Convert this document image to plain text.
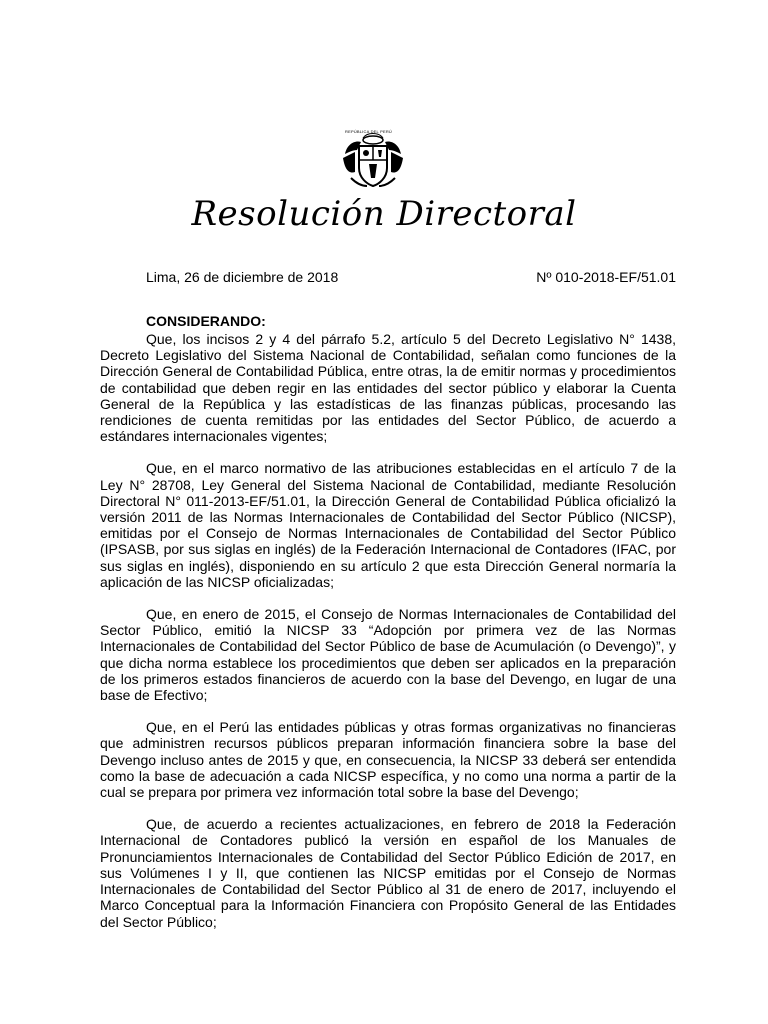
REPÚBLICA DEL PERÚ
Resolución Directoral
Lima, 26 de diciembre de 2018	Nº 010-2018-EF/51.01
CONSIDERANDO:

Que, los incisos 2 y 4 del párrafo 5.2, artículo 5 del Decreto Legislativo N° 1438, Decreto Legislativo del Sistema Nacional de Contabilidad, señalan como funciones de la Dirección General de Contabilidad Pública, entre otras, la de emitir normas y procedimientos de contabilidad que deben regir en las entidades del sector público y elaborar la Cuenta General de la República y las estadísticas de las finanzas públicas, procesando las rendiciones de cuenta remitidas por las entidades del Sector Público, de acuerdo a estándares internacionales vigentes;

Que, en el marco normativo de las atribuciones establecidas en el artículo 7 de la Ley N° 28708, Ley General del Sistema Nacional de Contabilidad, mediante Resolución Directoral N° 011-2013-EF/51.01, la Dirección General de Contabilidad Pública oficializó la versión 2011 de las Normas Internacionales de Contabilidad del Sector Público (NICSP), emitidas por el Consejo de Normas Internacionales de Contabilidad del Sector Público (IPSASB, por sus siglas en inglés) de la Federación Internacional de Contadores (IFAC, por sus siglas en inglés), disponiendo en su artículo 2 que esta Dirección General normaría la aplicación de las NICSP oficializadas;

Que, en enero de 2015, el Consejo de Normas Internacionales de Contabilidad del Sector Público, emitió la NICSP 33 “Adopción por primera vez de las Normas Internacionales de Contabilidad del Sector Público de base de Acumulación (o Devengo)”, y que dicha norma establece los procedimientos que deben ser aplicados en la preparación de los primeros estados financieros de acuerdo con la base del Devengo, en lugar de una base de Efectivo;

Que, en el Perú las entidades públicas y otras formas organizativas no financieras que administren recursos públicos preparan información financiera sobre la base del Devengo incluso antes de 2015 y que, en consecuencia, la NICSP 33 deberá ser entendida como la base de adecuación a cada NICSP específica, y no como una norma a partir de la cual se prepara por primera vez información total sobre la base del Devengo;

Que, de acuerdo a recientes actualizaciones, en febrero de 2018 la Federación Internacional de Contadores publicó la versión en español de los Manuales de Pronunciamientos Internacionales de Contabilidad del Sector Público Edición de 2017, en sus Volúmenes I y II, que contienen las NICSP emitidas por el Consejo de Normas Internacionales de Contabilidad del Sector Público al 31 de enero de 2017, incluyendo el Marco Conceptual para la Información Financiera con Propósito General de las Entidades del Sector Público;
